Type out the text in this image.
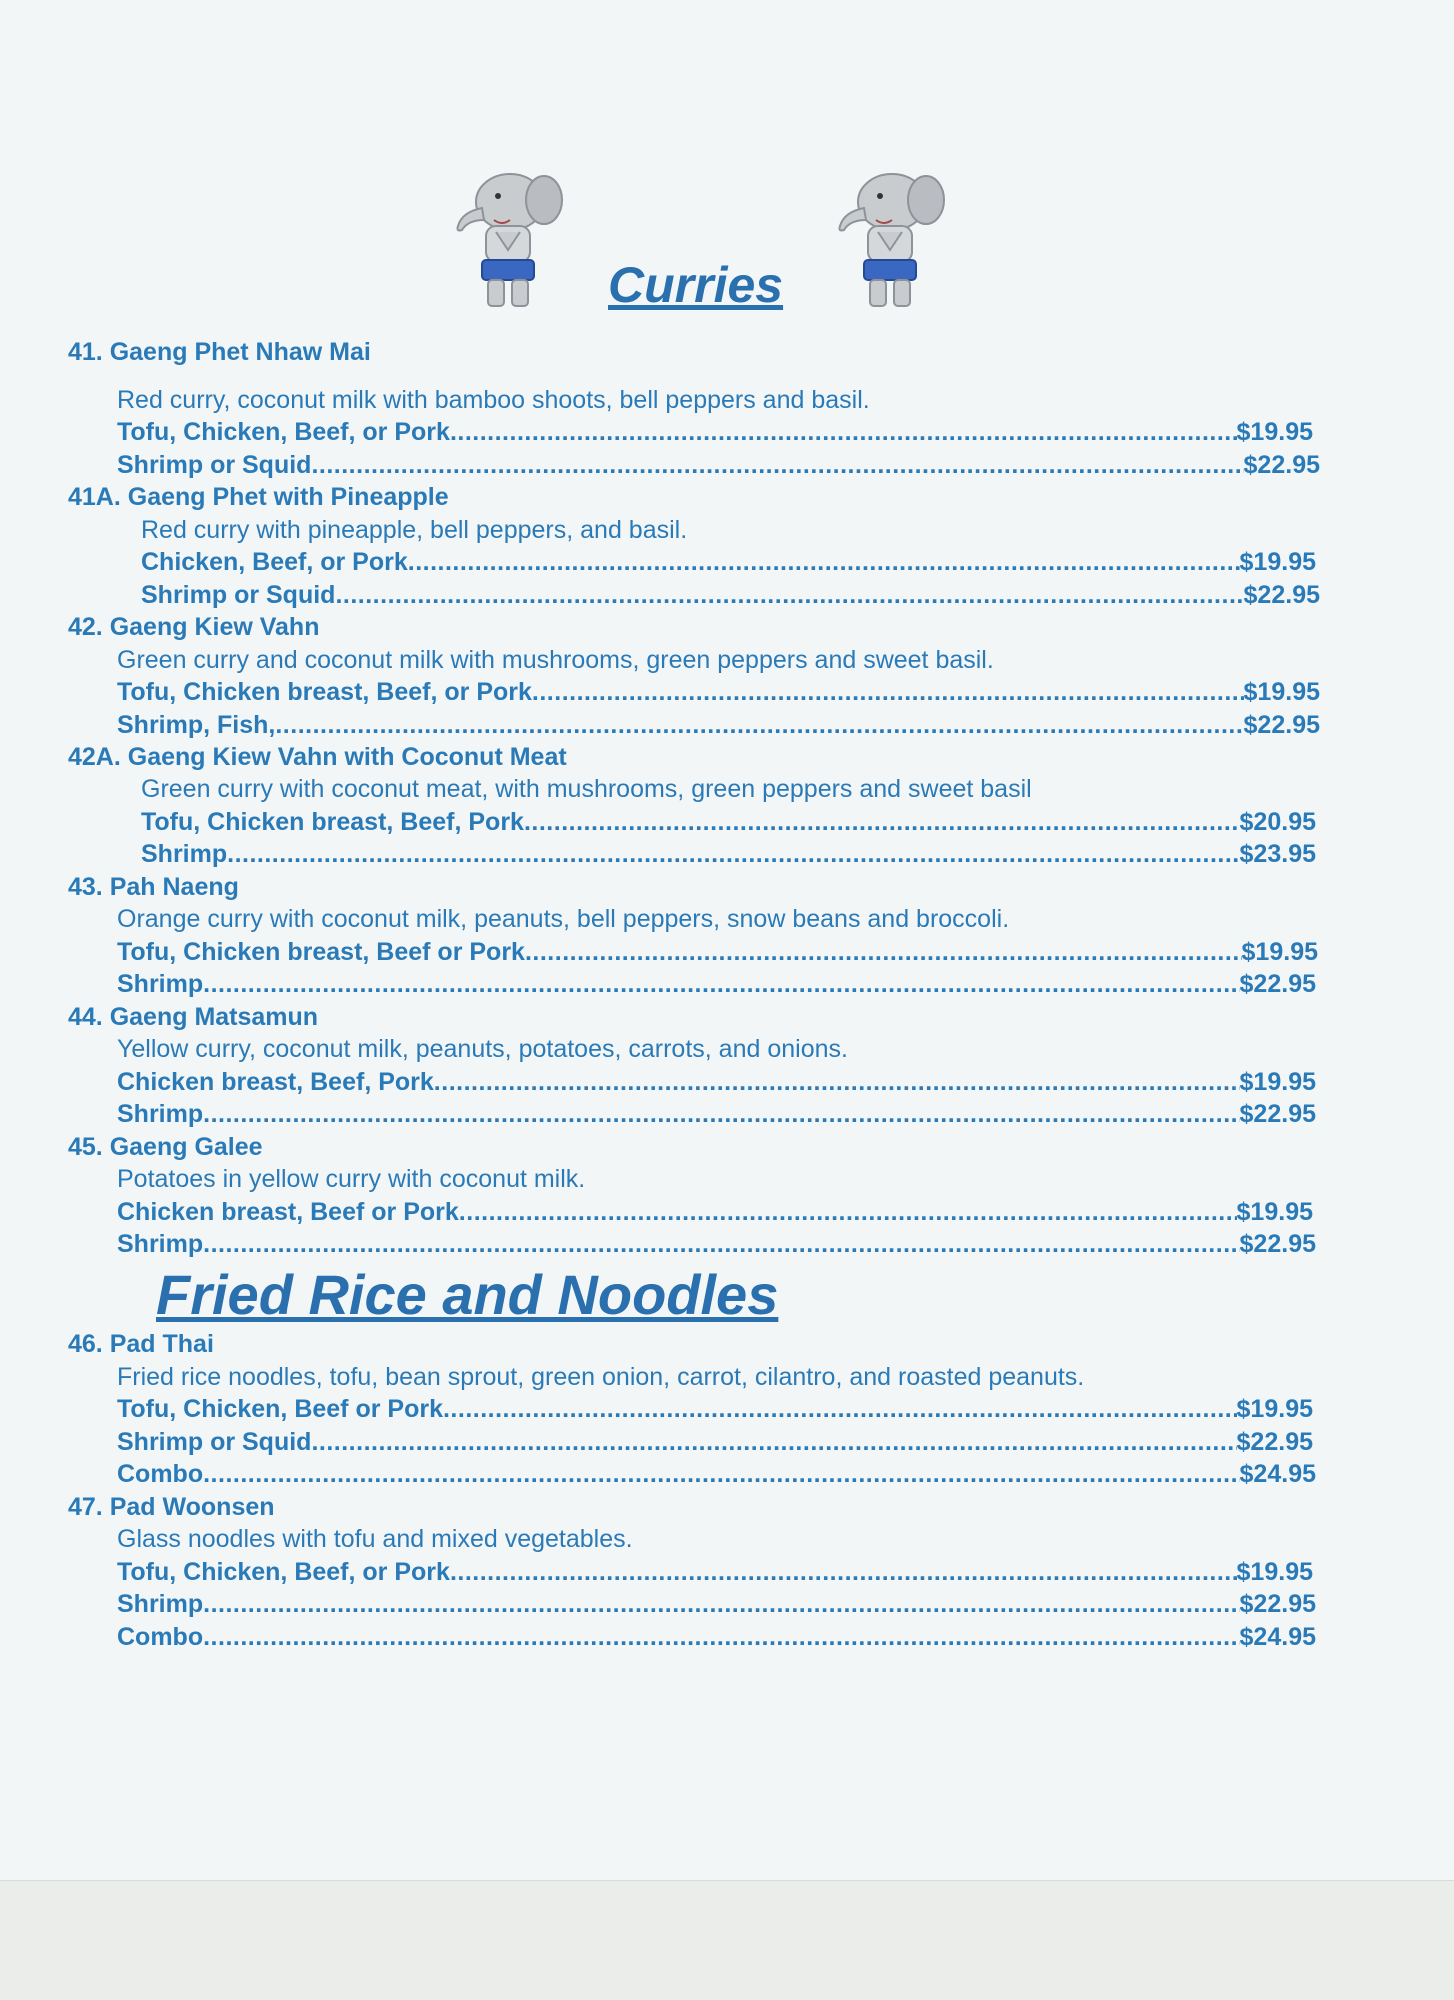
Curries

41. Gaeng Phet Nhaw Mai

Red curry, coconut milk with bamboo shoots, bell peppers and basil.

Tofu, Chicken, Beef, or Pork .....	$19.95
Shrimp or Squid .....	$22.95

41A. Gaeng Phet with Pineapple

Red curry with pineapple, bell peppers, and basil.

Chicken, Beef, or Pork .....	$19.95
Shrimp or Squid .....	$22.95

42. Gaeng Kiew Vahn

Green curry and coconut milk with mushrooms, green peppers and sweet basil.

Tofu, Chicken breast, Beef, or Pork .....	$19.95
Shrimp, Fish, .....	$22.95

42A. Gaeng Kiew Vahn with Coconut Meat

Green curry with coconut meat, with mushrooms, green peppers and sweet basil

Tofu, Chicken breast, Beef, Pork .....	$20.95
Shrimp .....	$23.95

43. Pah Naeng

Orange curry with coconut milk, peanuts, bell peppers, snow beans and broccoli.

Tofu, Chicken breast, Beef or Pork .....	$19.95
Shrimp .....	$22.95

44. Gaeng Matsamun

Yellow curry, coconut milk, peanuts, potatoes, carrots, and onions.

Chicken breast, Beef, Pork .....	$19.95
Shrimp .....	$22.95

45. Gaeng Galee

Potatoes in yellow curry with coconut milk.

Chicken breast, Beef or Pork .....	$19.95
Shrimp .....	$22.95
Fried Rice and Noodles

46. Pad Thai

Fried rice noodles, tofu, bean sprout, green onion, carrot, cilantro, and roasted peanuts.

Tofu, Chicken, Beef or Pork .....	$19.95
Shrimp or Squid .....	$22.95
Combo .....	$24.95

47. Pad Woonsen

Glass noodles with tofu and mixed vegetables.

Tofu, Chicken, Beef, or Pork .....	$19.95
Shrimp .....	$22.95
Combo .....	$24.95
